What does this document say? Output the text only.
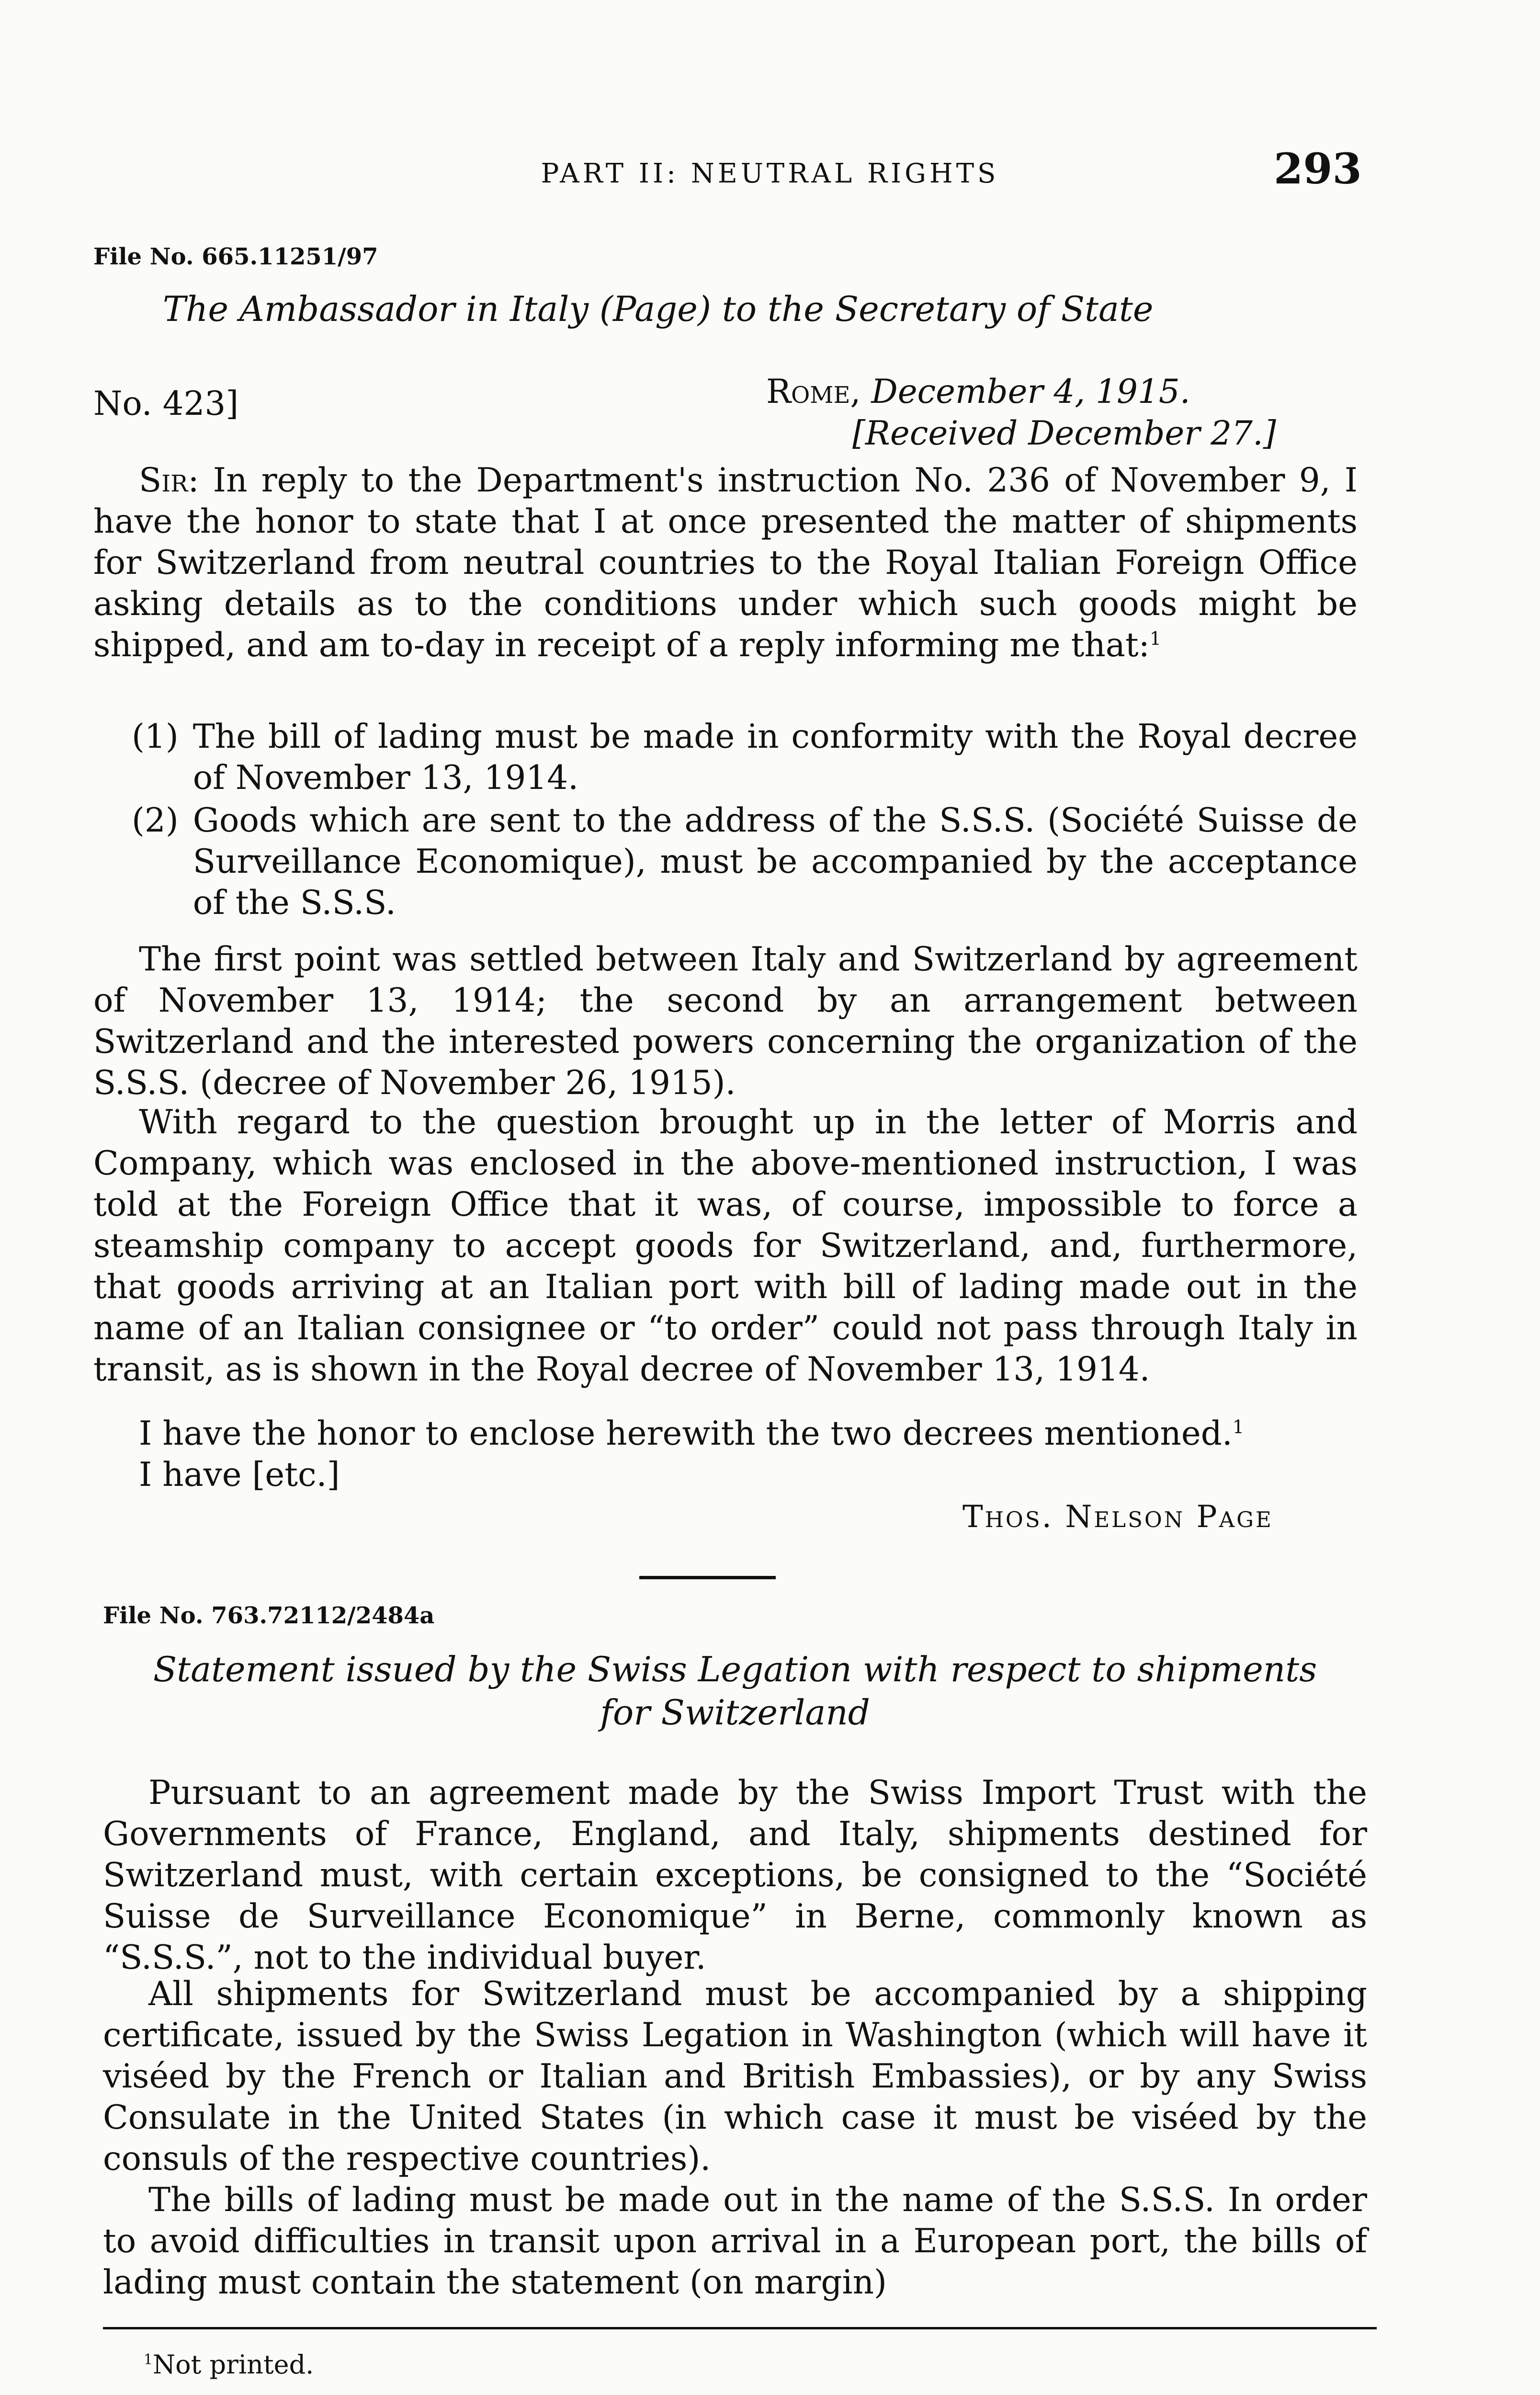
PART II: NEUTRAL RIGHTS	293
File No. 665.11251/97
The Ambassador in Italy (Page) to the Secretary of State
No. 423]	Rome, December 4, 1915.
[Received December 27.]
Sir: In reply to the Department's instruction No. 236 of November 9, I have the honor to state that I at once presented the matter of shipments for Switzerland from neutral countries to the Royal Italian Foreign Office asking details as to the conditions under which such goods might be shipped, and am to-day in receipt of a reply informing me that:$^1$
(1) The bill of lading must be made in conformity with the Royal decree of November 13, 1914.
(2) Goods which are sent to the address of the S.S.S. (Société Suisse de Surveillance Economique), must be accompanied by the acceptance of the S.S.S.
The first point was settled between Italy and Switzerland by agreement of November 13, 1914; the second by an arrangement between Switzerland and the interested powers concerning the organization of the S.S.S. (decree of November 26, 1915).
With regard to the question brought up in the letter of Morris and Company, which was enclosed in the above-mentioned instruction, I was told at the Foreign Office that it was, of course, impossible to force a steamship company to accept goods for Switzerland, and, furthermore, that goods arriving at an Italian port with bill of lading made out in the name of an Italian consignee or “to order” could not pass through Italy in transit, as is shown in the Royal decree of November 13, 1914.
I have the honor to enclose herewith the two decrees mentioned.$^1$
I have [etc.]
Thos. Nelson Page
File No. 763.72112/2484a
Statement issued by the Swiss Legation with respect to shipments
for Switzerland
Pursuant to an agreement made by the Swiss Import Trust with the Governments of France, England, and Italy, shipments destined for Switzerland must, with certain exceptions, be consigned to the “Société Suisse de Surveillance Economique” in Berne, commonly known as “S.S.S.”, not to the individual buyer.
All shipments for Switzerland must be accompanied by a shipping certificate, issued by the Swiss Legation in Washington (which will have it viséed by the French or Italian and British Embassies), or by any Swiss Consulate in the United States (in which case it must be viséed by the consuls of the respective countries).
The bills of lading must be made out in the name of the S.S.S. In order to avoid difficulties in transit upon arrival in a European port, the bills of lading must contain the statement (on margin)
$^1$Not printed.
